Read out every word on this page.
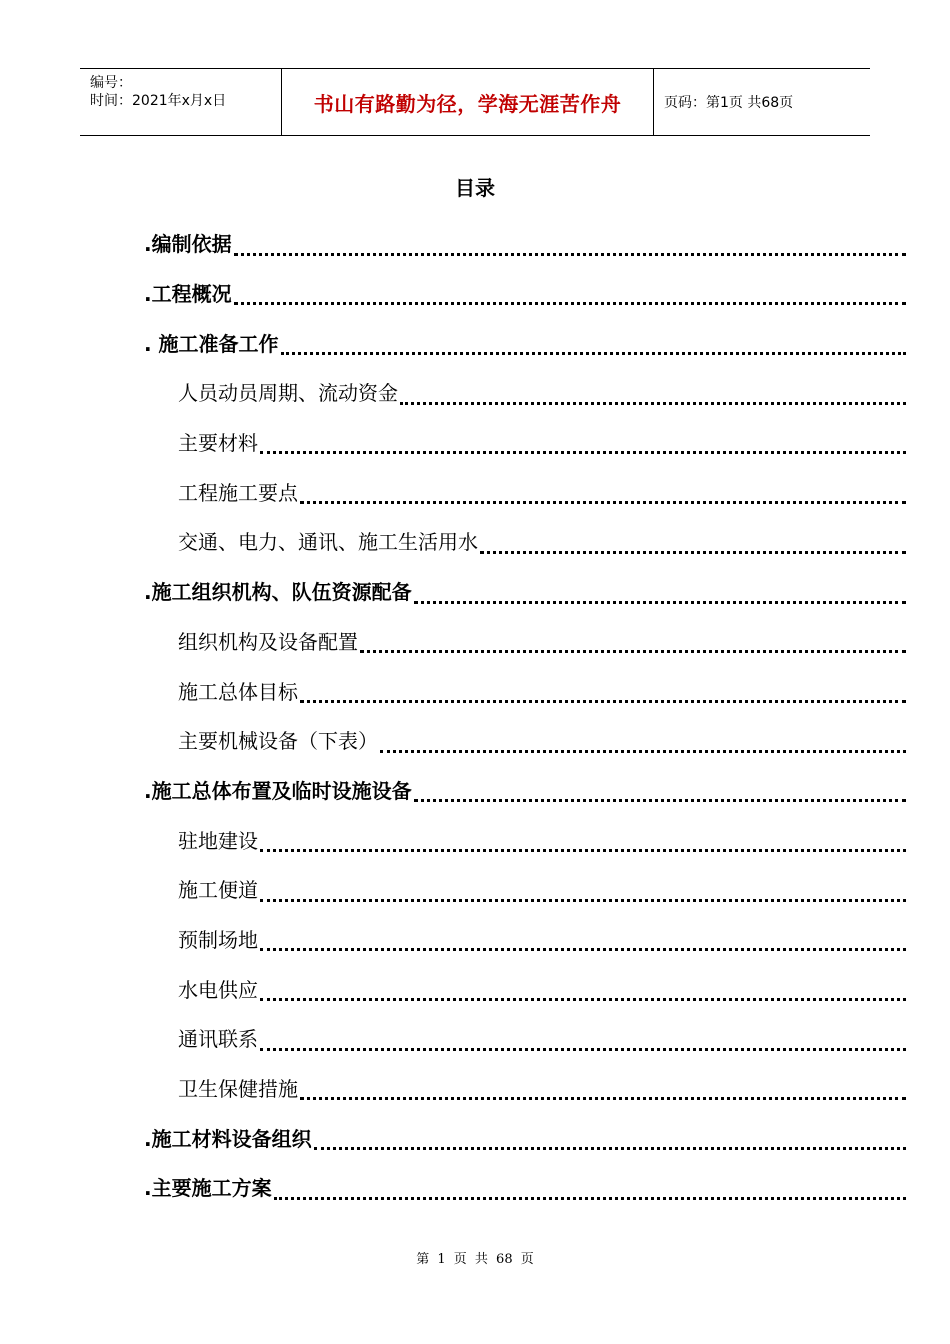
编号：
时间：2021年x月x日	书山有路勤为径，学海无涯苦作舟	页码：第1页 共68页
目录
.编制依据
.工程概况
. 施工准备工作
人员动员周期、流动资金
主要材料
工程施工要点
交通、电力、通讯、施工生活用水
.施工组织机构、队伍资源配备
组织机构及设备配置
施工总体目标
主要机械设备（下表）
.施工总体布置及临时设施设备
驻地建设
施工便道
预制场地
水电供应
通讯联系
卫生保健措施
.施工材料设备组织
.主要施工方案
第 1 页 共 68 页
